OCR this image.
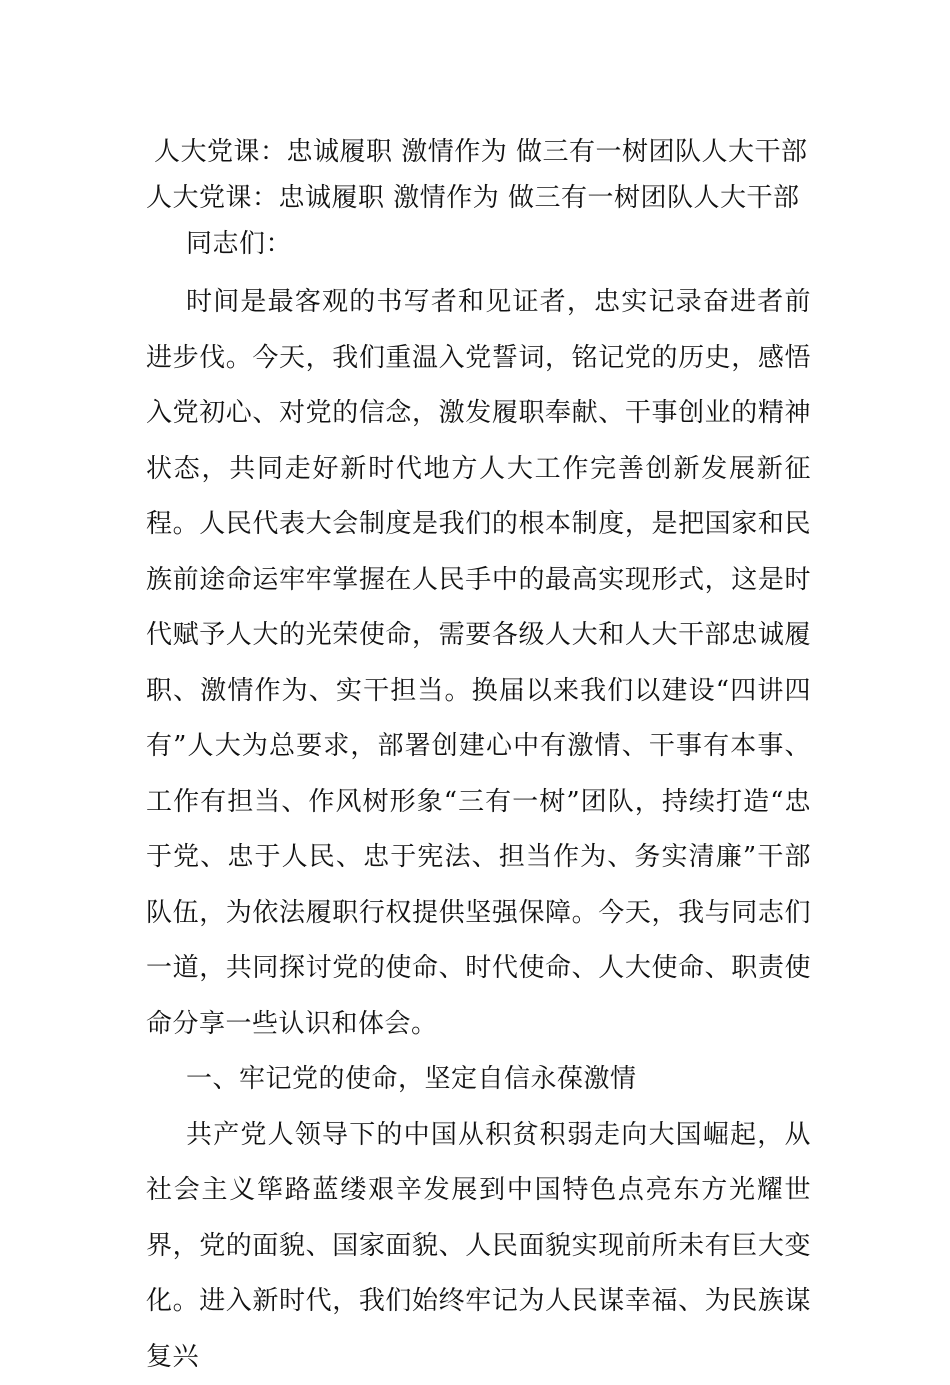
人大党课：忠诚履职 激情作为 做三有一树团队人大干部
人大党课：忠诚履职 激情作为 做三有一树团队人大干部

同志们：

时间是最客观的书写者和见证者，忠实记录奋进者前进步伐。今天，我们重温入党誓词，铭记党的历史，感悟入党初心、对党的信念，激发履职奉献、干事创业的精神状态，共同走好新时代地方人大工作完善创新发展新征程。人民代表大会制度是我们的根本制度，是把国家和民族前途命运牢牢掌握在人民手中的最高实现形式，这是时代赋予人大的光荣使命，需要各级人大和人大干部忠诚履职、激情作为、实干担当。换届以来我们以建设“四讲四有”人大为总要求，部署创建心中有激情、干事有本事、工作有担当、作风树形象“三有一树”团队，持续打造“忠于党、忠于人民、忠于宪法、担当作为、务实清廉”干部队伍，为依法履职行权提供坚强保障。今天，我与同志们一道，共同探讨党的使命、时代使命、人大使命、职责使命分享一些认识和体会。

一、牢记党的使命，坚定自信永葆激情

共产党人领导下的中国从积贫积弱走向大国崛起，从社会主义筚路蓝缕艰辛发展到中国特色点亮东方光耀世界，党的面貌、国家面貌、人民面貌实现前所未有巨大变化。进入新时代，我们始终牢记为人民谋幸福、为民族谋复兴
